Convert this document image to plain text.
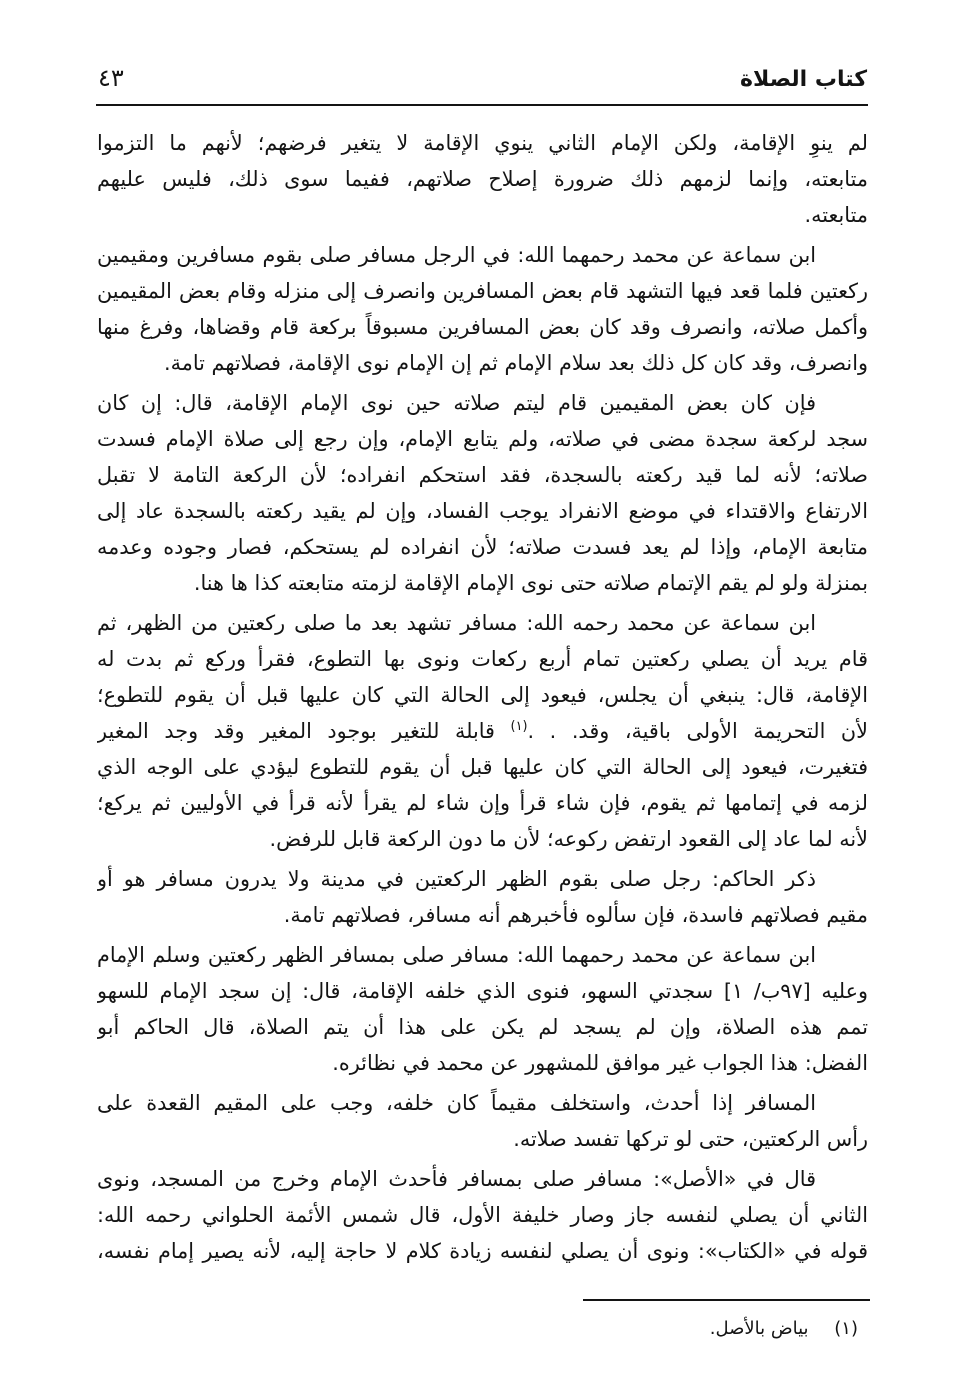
كتاب الصلاة
٤٣
لم ينوِ الإقامة، ولكن الإمام الثاني ينوي الإقامة لا يتغير فرضهم؛ لأنهم ما التزموا
متابعته، وإنما لزمهم ذلك ضرورة إصلاح صلاتهم، ففيما سوى ذلك، فليس عليهم
متابعته.
ابن سماعة عن محمد رحمهما الله: في الرجل مسافر صلى بقوم مسافرين ومقيمين
ركعتين فلما قعد فيها التشهد قام بعض المسافرين وانصرف إلى منزله وقام بعض المقيمين
وأكمل صلاته، وانصرف وقد كان بعض المسافرين مسبوقاً بركعة قام وقضاها، وفرغ منها
وانصرف، وقد كان كل ذلك بعد سلام الإمام ثم إن الإمام نوى الإقامة، فصلاتهم تامة.
فإن كان بعض المقيمين قام ليتم صلاته حين نوى الإمام الإقامة، قال: إن كان
سجد لركعة سجدة مضى في صلاته، ولم يتابع الإمام، وإن رجع إلى صلاة الإمام فسدت
صلاته؛ لأنه لما قيد ركعته بالسجدة، فقد استحكم انفراده؛ لأن الركعة التامة لا تقبل
الارتفاع والاقتداء في موضع الانفراد يوجب الفساد، وإن لم يقيد ركعته بالسجدة عاد إلى
متابعة الإمام، وإذا لم يعد فسدت صلاته؛ لأن انفراده لم يستحكم، فصار وجوده وعدمه
بمنزلة ولو لم يقم الإتمام صلاته حتى نوى الإمام الإقامة لزمته متابعته كذا ها هنا.
ابن سماعة عن محمد رحمه الله: مسافر تشهد بعد ما صلى ركعتين من الظهر، ثم
قام يريد أن يصلي ركعتين تمام أربع ركعات ونوى بها التطوع، فقرأ وركع ثم بدت له
الإقامة، قال: ينبغي أن يجلس، فيعود إلى الحالة التي كان عليها قبل أن يقوم للتطوع؛
لأن التحريمة الأولى باقية، وقد. . .$^{(١)}$ قابلة للتغير بوجود المغير وقد وجد المغير
فتغيرت، فيعود إلى الحالة التي كان عليها قبل أن يقوم للتطوع ليؤدي على الوجه الذي
لزمه في إتمامها ثم يقوم، فإن شاء قرأ وإن شاء لم يقرأ لأنه قرأ في الأوليين ثم يركع؛
لأنه لما عاد إلى القعود ارتفض ركوعه؛ لأن ما دون الركعة قابل للرفض.
ذكر الحاكم: رجل صلى بقوم الظهر الركعتين في مدينة ولا يدرون مسافر هو أو
مقيم فصلاتهم فاسدة، فإن سألوه فأخبرهم أنه مسافر، فصلاتهم تامة.
ابن سماعة عن محمد رحمهما الله: مسافر صلى بمسافر الظهر ركعتين وسلم الإمام
وعليه [٩٧ب/ ١] سجدتي السهو، فنوى الذي خلفه الإقامة، قال: إن سجد الإمام للسهو
تمم هذه الصلاة، وإن لم يسجد لم يكن على هذا أن يتم الصلاة، قال الحاكم أبو
الفضل: هذا الجواب غير موافق للمشهور عن محمد في نظائره.
المسافر إذا أحدث، واستخلف مقيماً كان خلفه، وجب على المقيم القعدة على
رأس الركعتين، حتى لو تركها تفسد صلاته.
قال في «الأصل»: مسافر صلى بمسافر فأحدث الإمام وخرج من المسجد، ونوى
الثاني أن يصلي لنفسه جاز وصار خليفة الأول، قال شمس الأئمة الحلواني رحمه الله:
قوله في «الكتاب»: ونوى أن يصلي لنفسه زيادة كلام لا حاجة إليه، لأنه يصير إمام نفسه،
(١) بياض بالأصل.
